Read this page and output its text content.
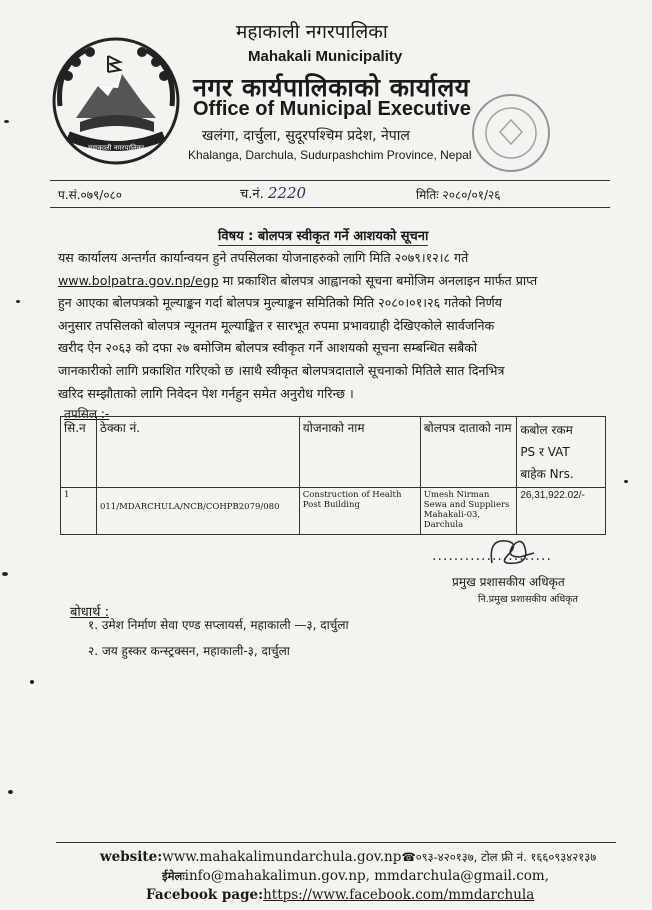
महाकाली नगरपालिका
महाकाली नगरपालिका
Mahakali Municipality
नगर कार्यपालिकाको कार्यालय
Office of Municipal Executive
खलंगा, दार्चुला, सुदूरपश्चिम प्रदेश, नेपाल
Khalanga, Darchula, Sudurpashchim Province, Nepal
प.सं.०७९/०८०	च.नं. 2220	मितिः २०८०/०१/२६
विषय : बोलपत्र स्वीकृत गर्ने आशयको सूचना
यस कार्यालय अन्तर्गत कार्यान्वयन हुने तपसिलका योजनाहरुको लागि मिति २०७९।१२।८ गते
www.bolpatra.gov.np/egp मा प्रकाशित बोलपत्र आह्वानको सूचना बमोजिम अनलाइन मार्फत प्राप्त
हुन आएका बोलपत्रको मूल्याङ्कन गर्दा बोलपत्र मुल्याङ्कन समितिको मिति २०८०।०१।२६ गतेको निर्णय
अनुसार तपसिलको बोलपत्र न्यूनतम मूल्याङ्कित र सारभूत रुपमा प्रभावग्राही देखिएकोले सार्वजनिक
खरीद ऐन २०६३ को दफा २७ बमोजिम बोलपत्र स्वीकृत गर्ने आशयको सूचना सम्बन्धित सबैको
जानकारीको लागि प्रकाशित गरिएको छ ।साथै स्वीकृत बोलपत्रदाताले सूचनाको मितिले सात दिनभित्र
खरिद सम्झौताको लागि निवेदन पेश गर्नहुन समेत अनुरोध गरिन्छ ।
तपसिल :-
सि.न	ठेक्का नं.	योजनाको नाम	बोलपत्र दाताको नाम	कबोल रकम
PS र VAT
बाहेक Nrs.

1	011/MDARCHULA/NCB/COHPB2079/080	Construction of Health Post Building	Umesh Nirman Sewa and Suppliers Mahakali-03, Darchula	26,31,922.02/-
......................
प्रमुख प्रशासकीय अधिकृत
नि.प्रमुख प्रशासकीय अधिकृत
बोधार्थ :
१. उमेश निर्माण सेवा एण्ड सप्लायर्स, महाकाली —३, दार्चुला
२. जय हुस्कर कन्स्ट्रक्सन, महाकाली-३, दार्चुला
website:www.mahakalimundarchula.gov.np☎०९३-४२०१३७, टोल फ्री नं. १६६०९३४२१३७
ईमेलःinfo@mahakalimun.gov.np, mmdarchula@gmail.com,
Facebook page:https://www.facebook.com/mmdarchula
